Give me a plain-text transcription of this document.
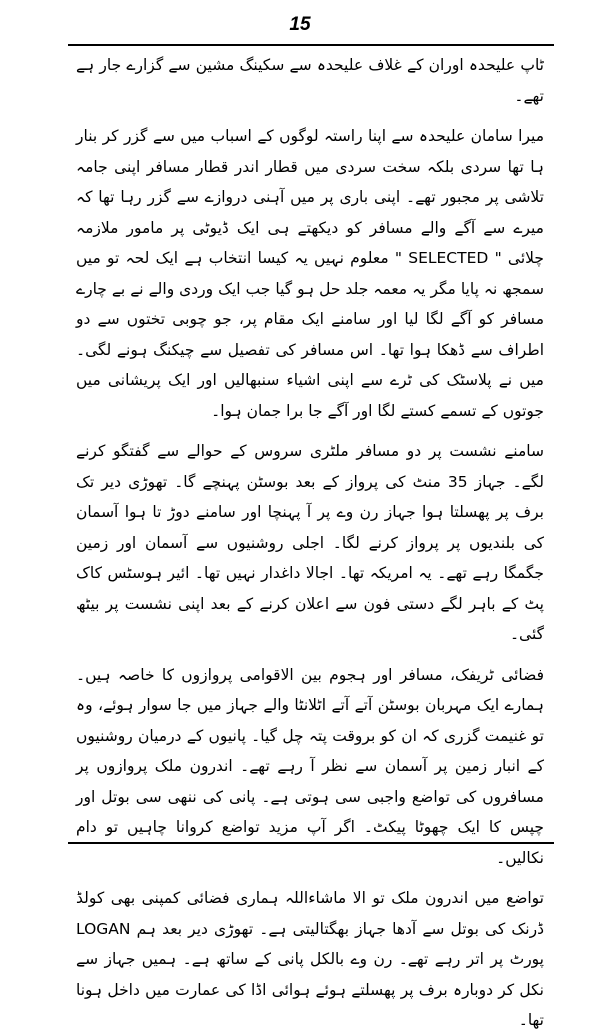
15

ٹاپ علیحدہ اوران کے غلاف علیحدہ سے سکینگ مشین سے گزارے جار ہے تھے۔

میرا سامان علیحدہ سے اپنا راستہ لوگوں کے اسباب میں سے گزر کر بنار ہا تھا سردی بلکہ سخت سردی میں قطار اندر قطار مسافر اپنی جامہ تلاشی پر مجبور تھے۔ اپنی باری پر میں آہنی دروازے سے گزر رہا تھا کہ میرے سے آگے والے مسافر کو دیکھتے ہی ایک ڈیوٹی پر مامور ملازمہ چلائی " SELECTED " معلوم نہیں یہ کیسا انتخاب ہے ایک لحہ تو میں سمجھ نہ پایا مگر یہ معمہ جلد حل ہو گیا جب ایک وردی والے نے بے چارے مسافر کو آگے لگا لیا اور سامنے ایک مقام پر، جو چوبی تختوں سے دو اطراف سے ڈھکا ہوا تھا۔ اس مسافر کی تفصیل سے چیکنگ ہونے لگی۔ میں نے پلاسٹک کی ٹرے سے اپنی اشیاء سنبھالیں اور ایک پریشانی میں جوتوں کے تسمے کستے لگا اور آگے جا برا جمان ہوا۔

سامنے نشست پر دو مسافر ملٹری سروس کے حوالے سے گفتگو کرنے لگے۔ جہاز 35 منٹ کی پرواز کے بعد بوسٹن پہنچے گا۔ تھوڑی دیر تک برف پر پھسلتا ہوا جہاز رن وے پر آ پہنچا اور سامنے دوڑ تا ہوا آسمان کی بلندیوں پر پرواز کرنے لگا۔ اجلی روشنیوں سے آسمان اور زمین جگمگا رہے تھے۔ یہ امریکہ تھا۔ اجالا داغدار نہیں تھا۔ ائیر ہوسٹس کاک پٹ کے باہر لگے دستی فون سے اعلان کرنے کے بعد اپنی نشست پر بیٹھ گئی۔

فضائی ٹریفک، مسافر اور ہجوم بین الاقوامی پروازوں کا خاصہ ہیں۔ ہمارے ایک مہربان بوسٹن آتے آتے اٹلانٹا والے جہاز میں جا سوار ہوئے، وہ تو غنیمت گزری کہ ان کو بروقت پتہ چل گیا۔ پانیوں کے درمیان روشنیوں کے انبار زمین پر آسمان سے نظر آ رہے تھے۔ اندرون ملک پروازوں پر مسافروں کی تواضع واجبی سی ہوتی ہے۔ پانی کی ننھی سی بوتل اور چپس کا ایک چھوٹا پیکٹ۔ اگر آپ مزید تواضع کروانا چاہیں تو دام نکالیں۔

تواضع میں اندرون ملک تو الا ماشاءاللہ ہماری فضائی کمپنی بھی کولڈ ڈرنک کی بوتل سے آدھا جہاز بھگتالیتی ہے۔ تھوڑی دیر بعد ہم LOGAN پورٹ پر اتر رہے تھے۔ رن وے بالکل پانی کے ساتھ ہے۔ ہمیں جہاز سے نکل کر دوبارہ برف پر پھسلتے ہوئے ہوائی اڈا کی عمارت میں داخل ہونا تھا۔
